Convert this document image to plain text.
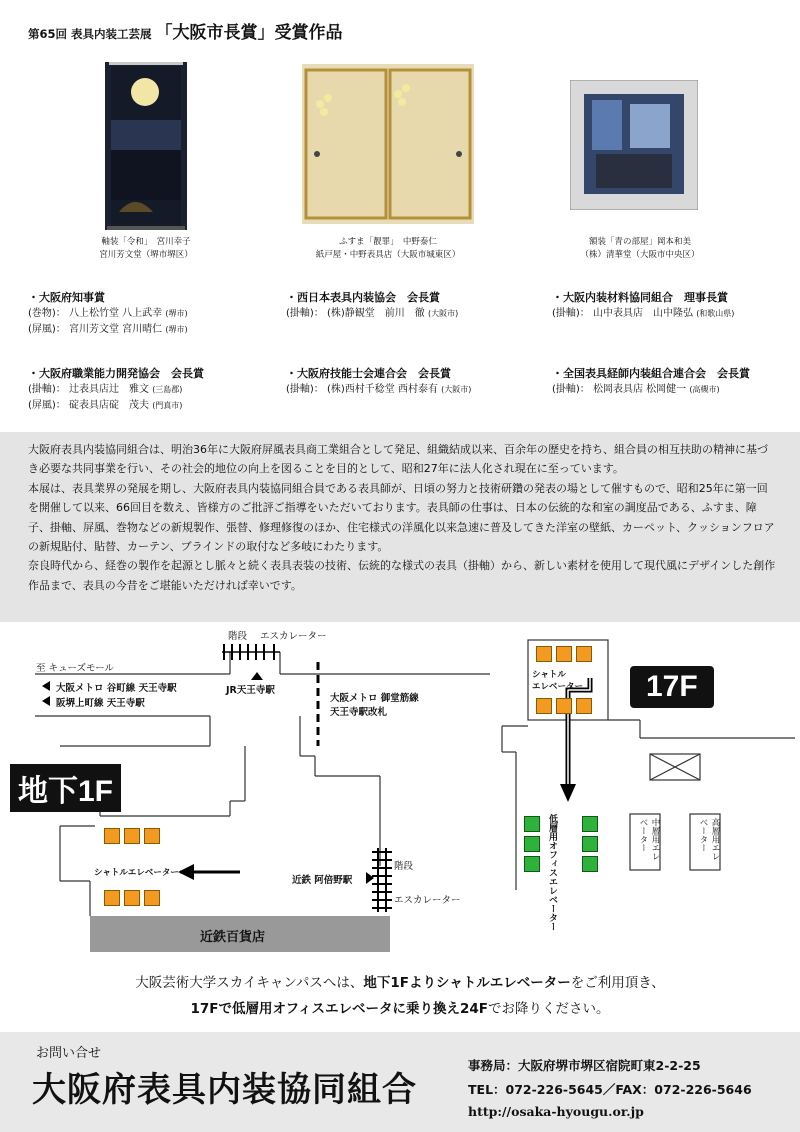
第65回 表具内装工芸展 「大阪市長賞」受賞作品
軸装「令和」　宮川幸子
宮川芳文堂（堺市堺区）
ふすま「靓罪」　中野泰仁
紙戸屋・中野表具店（大阪市城東区）
額装「青の部屋」岡本和美
（株）清華堂（大阪市中央区）
・大阪府知事賞
(巻物)： 八上松竹堂 八上武幸 (堺市)
(屏風)： 宮川芳文堂 宮川晴仁 (堺市)
・西日本表具内装協会　会長賞
(掛軸)： (株)静観堂　前川　徹 (大阪市)
・大阪内装材料協同組合　理事長賞
(掛軸)： 山中表具店　山中隆弘 (和歌山県)
・大阪府職業能力開発協会　会長賞
(掛軸)： 辻表具店辻　雅文 (三島郡)
(屏風)： 碇表具店碇　茂夫 (門真市)
・大阪府技能士会連合会　会長賞
(掛軸)： (株)西村千稔堂 西村泰有 (大阪市)
・全国表具経師内装組合連合会　会長賞
(掛軸)： 松岡表具店 松岡健一 (高槻市)

大阪府表具内装協同組合は、明治36年に大阪府屏風表具商工業組合として発足、組織結成以来、百余年の歴史を持ち、組合員の相互扶助の精神に基づき必要な共同事業を行い、その社会的地位の向上を図ることを目的として、昭和27年に法人化され現在に至っています。

本展は、表具業界の発展を期し、大阪府表具内装協同組合員である表具師が、日頃の努力と技術研鑽の発表の場として催すもので、昭和25年に第一回を開催して以来、66回目を数え、皆様方のご批評ご指導をいただいております。表具師の仕事は、日本の伝統的な和室の調度品である、ふすま、障子、掛軸、屏風、巻物などの新規製作、張替、修理修復のほか、住宅様式の洋風化以来急速に普及してきた洋室の壁紙、カーペット、クッションフロアの新規貼付、貼替、カーテン、ブラインドの取付など多岐にわたります。

奈良時代から、経巻の製作を起源とし脈々と続く表具表装の技術、伝統的な様式の表具（掛軸）から、新しい素材を使用して現代風にデザインした創作作品まで、表具の今昔をご堪能いただければ幸いです。

階段 エスカレーター
至 キューズモール
大阪メトロ 谷町線 天王寺駅
阪堺上町線 天王寺駅
JR天王寺駅
大阪メトロ 御堂筋線
天王寺駅改札
地下1F
シャトルエレベーター
近鉄 阿倍野駅
階段
エスカレーター
近鉄百貨店
シャトル
エレベーター	17F
低層用オフィスエレベーター	中層用エレベーター	高層用エレベーター
大阪芸術大学スカイキャンパスへは、地下1Fよりシャトルエレベーターをご利用頂き、
17Fで低層用オフィスエレベータに乗り換え24Fでお降りください。
お問い合せ
大阪府表具内装協同組合
事務局：大阪府堺市堺区宿院町東2-2-25
TEL：072-226-5645／FAX：072-226-5646
http://osaka-hyougu.or.jp
